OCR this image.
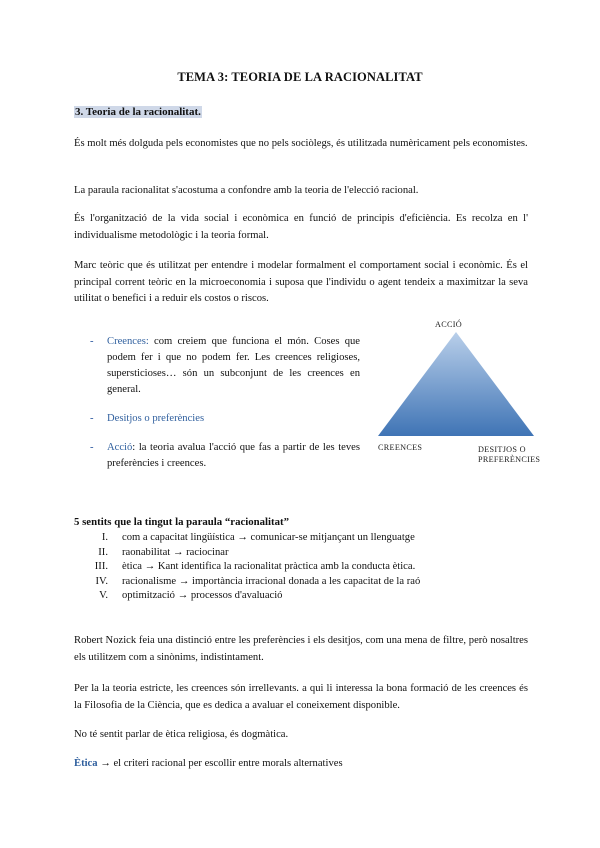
TEMA 3: TEORIA DE LA RACIONALITAT
3. Teoria de la racionalitat.

És molt més dolguda pels economistes que no pels sociòlegs, és utilitzada numèricament pels economistes.

La paraula racionalitat s'acostuma a confondre amb la teoria de l'elecció racional.

És l'organització de la vida social i econòmica en funció de principis d'eficiència. Es recolza en l' individualisme metodològic i la teoria formal.

Marc teòric que és utilitzat per entendre i modelar formalment el comportament social i econòmic. És el principal corrent teòric en la microeconomia i suposa que l'individu o agent tendeix a maximitzar la seva utilitat o benefici i a reduir els costos o riscos.

- Creences: com creiem que funciona el món. Coses que podem fer i que no podem fer. Les creences religioses, supersticioses… són un subconjunt de les creences en general.
- Desitjos o preferències
- Acció: la teoria avalua l'acció que fas a partir de les teves preferències i creences.
ACCIÓ
CREENCES	DESITJOS O
PREFERÈNCIES
5 sentits que la tingut la paraula “racionalitat”
I.	com a capacitat lingüística → comunicar-se mitjançant un llenguatge
II.	raonabilitat → raciocinar
III.	ètica → Kant identifica la racionalitat pràctica amb la conducta ètica.
IV.	racionalisme → importància irracional donada a les capacitat de la raó
V.	optimització → processos d'avaluació

Robert Nozick feia una distinció entre les preferències i els desitjos, com una mena de filtre, però nosaltres els utilitzem com a sinònims, indistintament.

Per la la teoria estricte, les creences són irrellevants. a qui li interessa la bona formació de les creences és la Filosofia de la Ciència, que es dedica a avaluar el coneixement disponible.

No té sentit parlar de ètica religiosa, és dogmàtica.

Ètica → el criteri racional per escollir entre morals alternatives
